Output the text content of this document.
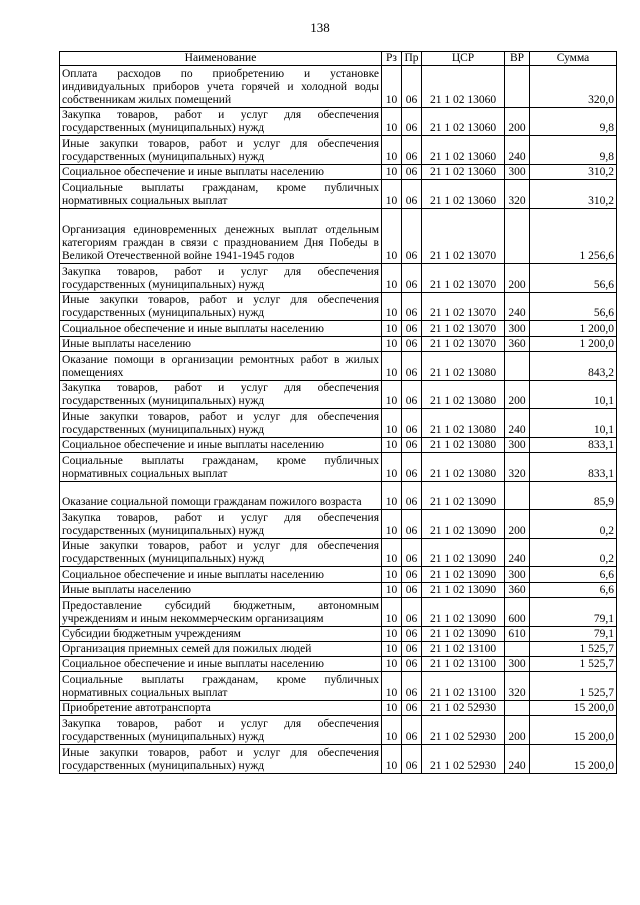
138
Наименование	Рз	Пр	ЦСР	ВР	Сумма
Оплата расходов по приобретению и установке индивидуальных приборов учета горячей и холодной воды собственникам жилых помещений	10	06	21 1 02 13060		320,0
Закупка товаров, работ и услуг для обеспечения государственных (муниципальных) нужд	10	06	21 1 02 13060	200	9,8
Иные закупки товаров, работ и услуг для обеспечения государственных (муниципальных) нужд	10	06	21 1 02 13060	240	9,8
Социальное обеспечение и иные выплаты населению	10	06	21 1 02 13060	300	310,2
Социальные выплаты гражданам, кроме публичных нормативных социальных выплат	10	06	21 1 02 13060	320	310,2
Организация единовременных денежных выплат отдельным категориям граждан в связи с празднованием Дня Победы в Великой Отечественной войне 1941-1945 годов	10	06	21 1 02 13070		1 256,6
Закупка товаров, работ и услуг для обеспечения государственных (муниципальных) нужд	10	06	21 1 02 13070	200	56,6
Иные закупки товаров, работ и услуг для обеспечения государственных (муниципальных) нужд	10	06	21 1 02 13070	240	56,6
Социальное обеспечение и иные выплаты населению	10	06	21 1 02 13070	300	1 200,0
Иные выплаты населению	10	06	21 1 02 13070	360	1 200,0
Оказание помощи в организации ремонтных работ в жилых помещениях	10	06	21 1 02 13080		843,2
Закупка товаров, работ и услуг для обеспечения государственных (муниципальных) нужд	10	06	21 1 02 13080	200	10,1
Иные закупки товаров, работ и услуг для обеспечения государственных (муниципальных) нужд	10	06	21 1 02 13080	240	10,1
Социальное обеспечение и иные выплаты населению	10	06	21 1 02 13080	300	833,1
Социальные выплаты гражданам, кроме публичных нормативных социальных выплат	10	06	21 1 02 13080	320	833,1
Оказание социальной помощи гражданам пожилого возраста	10	06	21 1 02 13090		85,9
Закупка товаров, работ и услуг для обеспечения государственных (муниципальных) нужд	10	06	21 1 02 13090	200	0,2
Иные закупки товаров, работ и услуг для обеспечения государственных (муниципальных) нужд	10	06	21 1 02 13090	240	0,2
Социальное обеспечение и иные выплаты населению	10	06	21 1 02 13090	300	6,6
Иные выплаты населению	10	06	21 1 02 13090	360	6,6
Предоставление субсидий бюджетным, автономным учреждениям и иным некоммерческим организациям	10	06	21 1 02 13090	600	79,1
Субсидии бюджетным учреждениям	10	06	21 1 02 13090	610	79,1
Организация приемных семей для пожилых людей	10	06	21 1 02 13100		1 525,7
Социальное обеспечение и иные выплаты населению	10	06	21 1 02 13100	300	1 525,7
Социальные выплаты гражданам, кроме публичных нормативных социальных выплат	10	06	21 1 02 13100	320	1 525,7
Приобретение автотранспорта	10	06	21 1 02 52930		15 200,0
Закупка товаров, работ и услуг для обеспечения государственных (муниципальных) нужд	10	06	21 1 02 52930	200	15 200,0
Иные закупки товаров, работ и услуг для обеспечения государственных (муниципальных) нужд	10	06	21 1 02 52930	240	15 200,0
